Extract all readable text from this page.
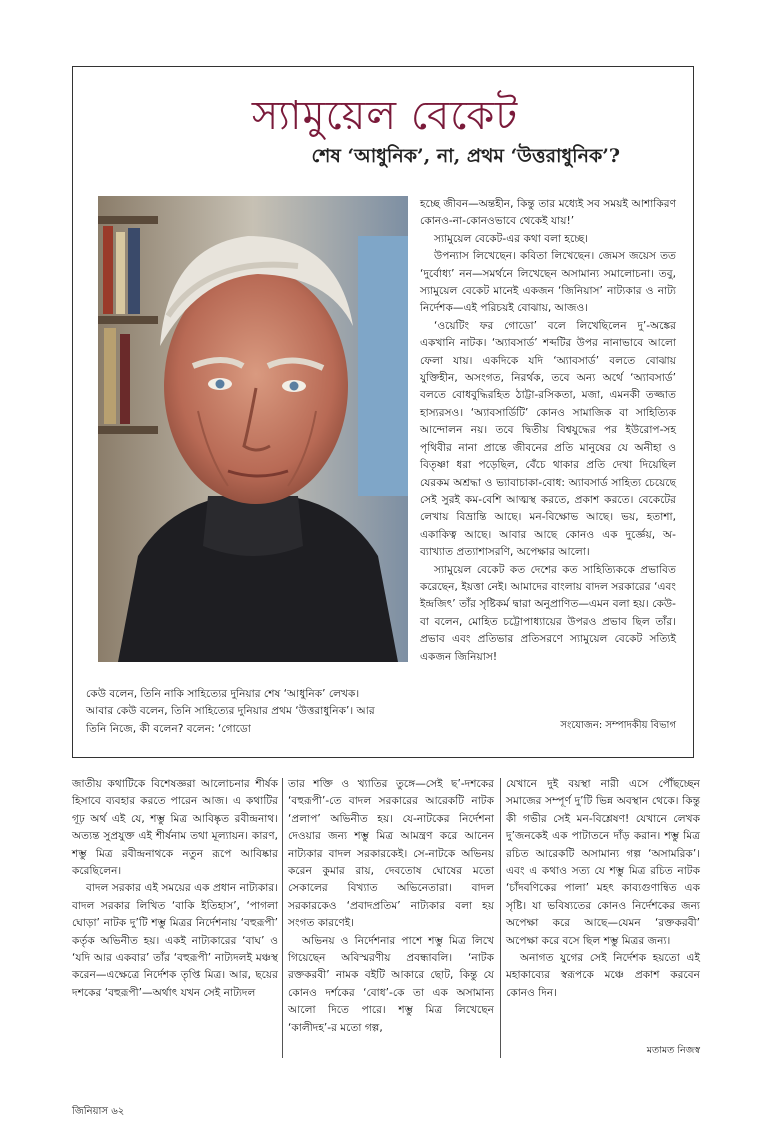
স্যামুয়েল বেকেট
শেষ ‘আধুনিক’, না, প্রথম ‘উত্তরাধুনিক’?

হচ্ছে জীবন—অন্তহীন, কিন্তু তার মধ্যেই সব সময়ই আশাকিরণ কোনও-না-কোনওভাবে থেকেই যায়!’

স্যামুয়েল বেকেট-এর কথা বলা হচ্ছে।

উপন্যাস লিখেছেন। কবিতা লিখেছেন। জেমস জয়েস তত ‘দুর্বোধ্য’ নন—সমর্থনে লিখেছেন অসামান্য সমালোচনা। তবু, স্যামুয়েল বেকেট মানেই একজন ‘জিনিয়াস’ নাট্যকার ও নাট্য নির্দেশক—এই পরিচয়ই বোঝায়, আজও।

‘ওয়েটিং ফর গোডো’ বলে লিখেছিলেন দু’-অঙ্কের একখানি নাটক। ‘অ্যাবসার্ড’ শব্দটির উপর নানাভাবে আলো ফেলা যায়। একদিকে যদি ‘অ্যাবসার্ড’ বলতে বোঝায় যুক্তিহীন, অসংগত, নিরর্থক, তবে অন্য অর্থে ‘অ্যাবসার্ড’ বলতে বোধবুদ্ধিরহিত ঠাট্টা-রসিকতা, মজা, এমনকী তজ্জাত হাস্যরসও। ‘অ্যাবসার্ডিটি’ কোনও সামাজিক বা সাহিত্যিক আন্দোলন নয়। তবে দ্বিতীয় বিশ্বযুদ্ধের পর ইউরোপ-সহ পৃথিবীর নানা প্রান্তে জীবনের প্রতি মানুষের যে অনীহা ও বিতৃষ্ণা ধরা পড়েছিল, বেঁচে থাকার প্রতি দেখা দিয়েছিল যেরকম অশ্রদ্ধা ও ভ্যাবাচাকা-বোধ: অ্যাবসার্ড সাহিত্য চেয়েছে সেই সুরই কম-বেশি আত্মস্থ করতে, প্রকাশ করতে। বেকেটের লেখায় বিভ্রান্তি আছে। মন-বিক্ষোভ আছে। ভয়, হতাশা, একাকিত্ব আছে। আবার আছে কোনও এক দুর্জ্ঞেয়, অ-ব্যাখ্যাত প্রত্যাশাসরণি, অপেক্ষার আলো।

স্যামুয়েল বেকেট কত দেশের কত সাহিত্যিককে প্রভাবিত করেছেন, ইয়ত্তা নেই। আমাদের বাংলায় বাদল সরকারের ‘এবং ইন্দ্রজিৎ’ তাঁর সৃষ্টিকর্ম দ্বারা অনুপ্রাণিত—এমন বলা হয়। কেউ-বা বলেন, মোহিত চট্টোপাধ্যায়ের উপরও প্রভাব ছিল তাঁর। প্রভাব এবং প্রতিভার প্রতিসরণে স্যামুয়েল বেকেট সত্যিই একজন জিনিয়াস!

কেউ বলেন, তিনি নাকি সাহিত্যের দুনিয়ার শেষ ‘আধুনিক’ লেখক। আবার কেউ বলেন, তিনি সাহিত্যের দুনিয়ার প্রথম ‘উত্তরাধুনিক’। আর তিনি নিজে, কী বলেন? বলেন: ‘গোডো	সংযোজন: সম্পাদকীয় বিভাগ

জাতীয় কথাটিকে বিশেষজ্ঞরা আলোচনার শীর্ষক হিসাবে ব্যবহার করতে পারেন আজ। এ কথাটির গূঢ় অর্থ এই যে, শম্ভু মিত্র আবিষ্কৃত রবীন্দ্রনাথ। অত্যন্ত সুপ্রযুক্ত এই শীর্ষনাম তথা মূল্যায়ন। কারণ, শম্ভু মিত্র রবীন্দ্রনাথকে নতুন রূপে আবিষ্কার করেছিলেন।

বাদল সরকার এই সময়ের এক প্রধান নাট্যকার। বাদল সরকার লিখিত ‘বাকি ইতিহাস’, ‘পাগলা ঘোড়া’ নাটক দু’টি শম্ভু মিত্রর নির্দেশনায় ‘বহুরূপী’ কর্তৃক অভিনীত হয়। একই নাট্যকারের ‘বাঘ’ ও ‘যদি আর একবার’ তাঁর ‘বহুরূপী’ নাট্যদলই মঞ্চস্থ করেন—এক্ষেত্রে নির্দেশক তৃপ্তি মিত্র। আর, ছয়ের দশকের ‘বহুরূপী’—অর্থাৎ যখন সেই নাট্যদল

তার শক্তি ও খ্যাতির তুঙ্গে—সেই ছ’-দশকের ‘বহুরূপী’-তে বাদল সরকারের আরেকটি নাটক ‘প্রলাপ’ অভিনীত হয়। যে-নাটকের নির্দেশনা দেওয়ার জন্য শম্ভু মিত্র আমন্ত্রণ করে আনেন নাট্যকার বাদল সরকারকেই। সে-নাটকে অভিনয় করেন কুমার রায়, দেবতোষ ঘোষের মতো সেকালের বিখ্যাত অভিনেতারা। বাদল সরকারকেও ‘প্রবাদপ্রতিম’ নাট্যকার বলা হয় সংগত কারণেই।

অভিনয় ও নির্দেশনার পাশে শম্ভু মিত্র লিখে গিয়েছেন অবিস্মরণীয় প্রবন্ধাবলি। ‘নাটক রক্তকরবী’ নামক বইটি আকারে ছোট, কিন্তু যে কোনও দর্শকের ‘বোধ’-কে তা এক অসামান্য আলো দিতে পারে। শম্ভু মিত্র লিখেছেন ‘কালীদহ’-র মতো গল্প,

যেখানে দুই বয়স্থা নারী এসে পৌঁছচ্ছেন সমাজের সম্পূর্ণ দু’টি ভিন্ন অবস্থান থেকে। কিন্তু কী গভীর সেই মন-বিশ্লেষণ! যেখানে লেখক দু’জনকেই এক পাটাতনে দাঁড় করান। শম্ভু মিত্র রচিত আরেকটি অসামান্য গল্প ‘অসামরিক’। এবং এ কথাও সত্য যে শম্ভু মিত্র রচিত নাটক ‘চাঁদবণিকের পালা’ মহৎ কাব্যগুণান্বিত এক সৃষ্টি। যা ভবিষ্যতের কোনও নির্দেশকের জন্য অপেক্ষা করে আছে—যেমন ‘রক্তকরবী’ অপেক্ষা করে বসে ছিল শম্ভু মিত্রর জন্য।

অনাগত যুগের সেই নির্দেশক হয়তো এই মহাকাব্যের স্বরূপকে মঞ্চে প্রকাশ করবেন কোনও দিন।

মতামত নিজস্ব
জিনিয়াস ৬২
